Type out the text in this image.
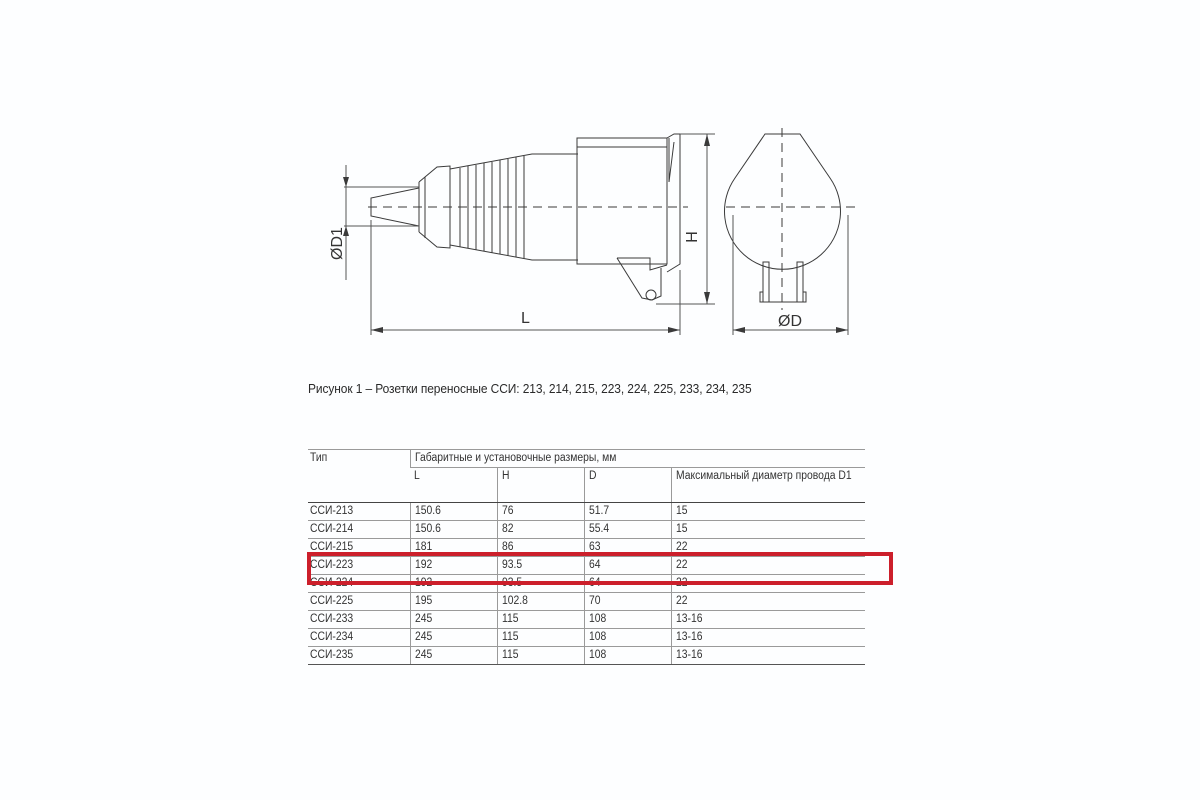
ØD1
L
H
ØD
Рисунок 1 – Розетки переносные ССИ: 213, 214, 215, 223, 224, 225, 233, 234, 235
Тип	Габаритные и установочные размеры, мм			
	L	H	D	Максимальный диаметр провода D1
ССИ-213	150.6	76	51.7	15
ССИ-214	150.6	82	55.4	15
ССИ-215	181	86	63	22
ССИ-223	192	93.5	64	22
ССИ-224	192	93.5	64	22
ССИ-225	195	102.8	70	22
ССИ-233	245	115	108	13-16
ССИ-234	245	115	108	13-16
ССИ-235	245	115	108	13-16
